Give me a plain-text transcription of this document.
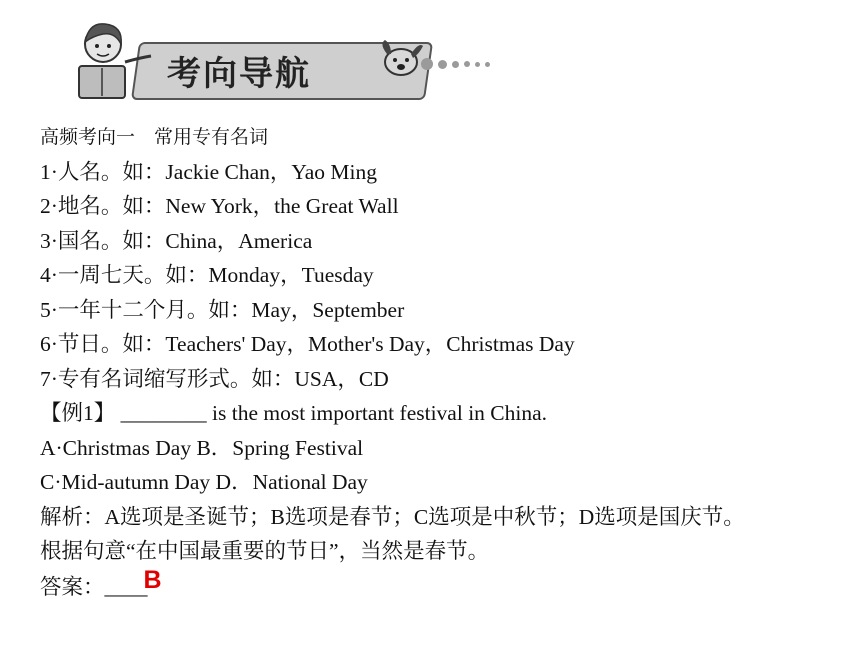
考向导航
高频考向一　常用专有名词
1·人名。如：Jackie Chan，Yao Ming
2·地名。如：New York，the Great Wall
3·国名。如：China，America
4·一周七天。如：Monday，Tuesday
5·一年十二个月。如：May，September
6·节日。如：Teachers' Day，Mother's Day，Christmas Day
7·专有名词缩写形式。如：USA，CD
【例1】 ________ is the most important festival in China.
A·Christmas Day B．Spring Festival
C·Mid-autumn Day D．National Day
解析：A选项是圣诞节；B选项是春节；C选项是中秋节；D选项是国庆节。
根据句意“在中国最重要的节日”，当然是春节。
答案：____B
